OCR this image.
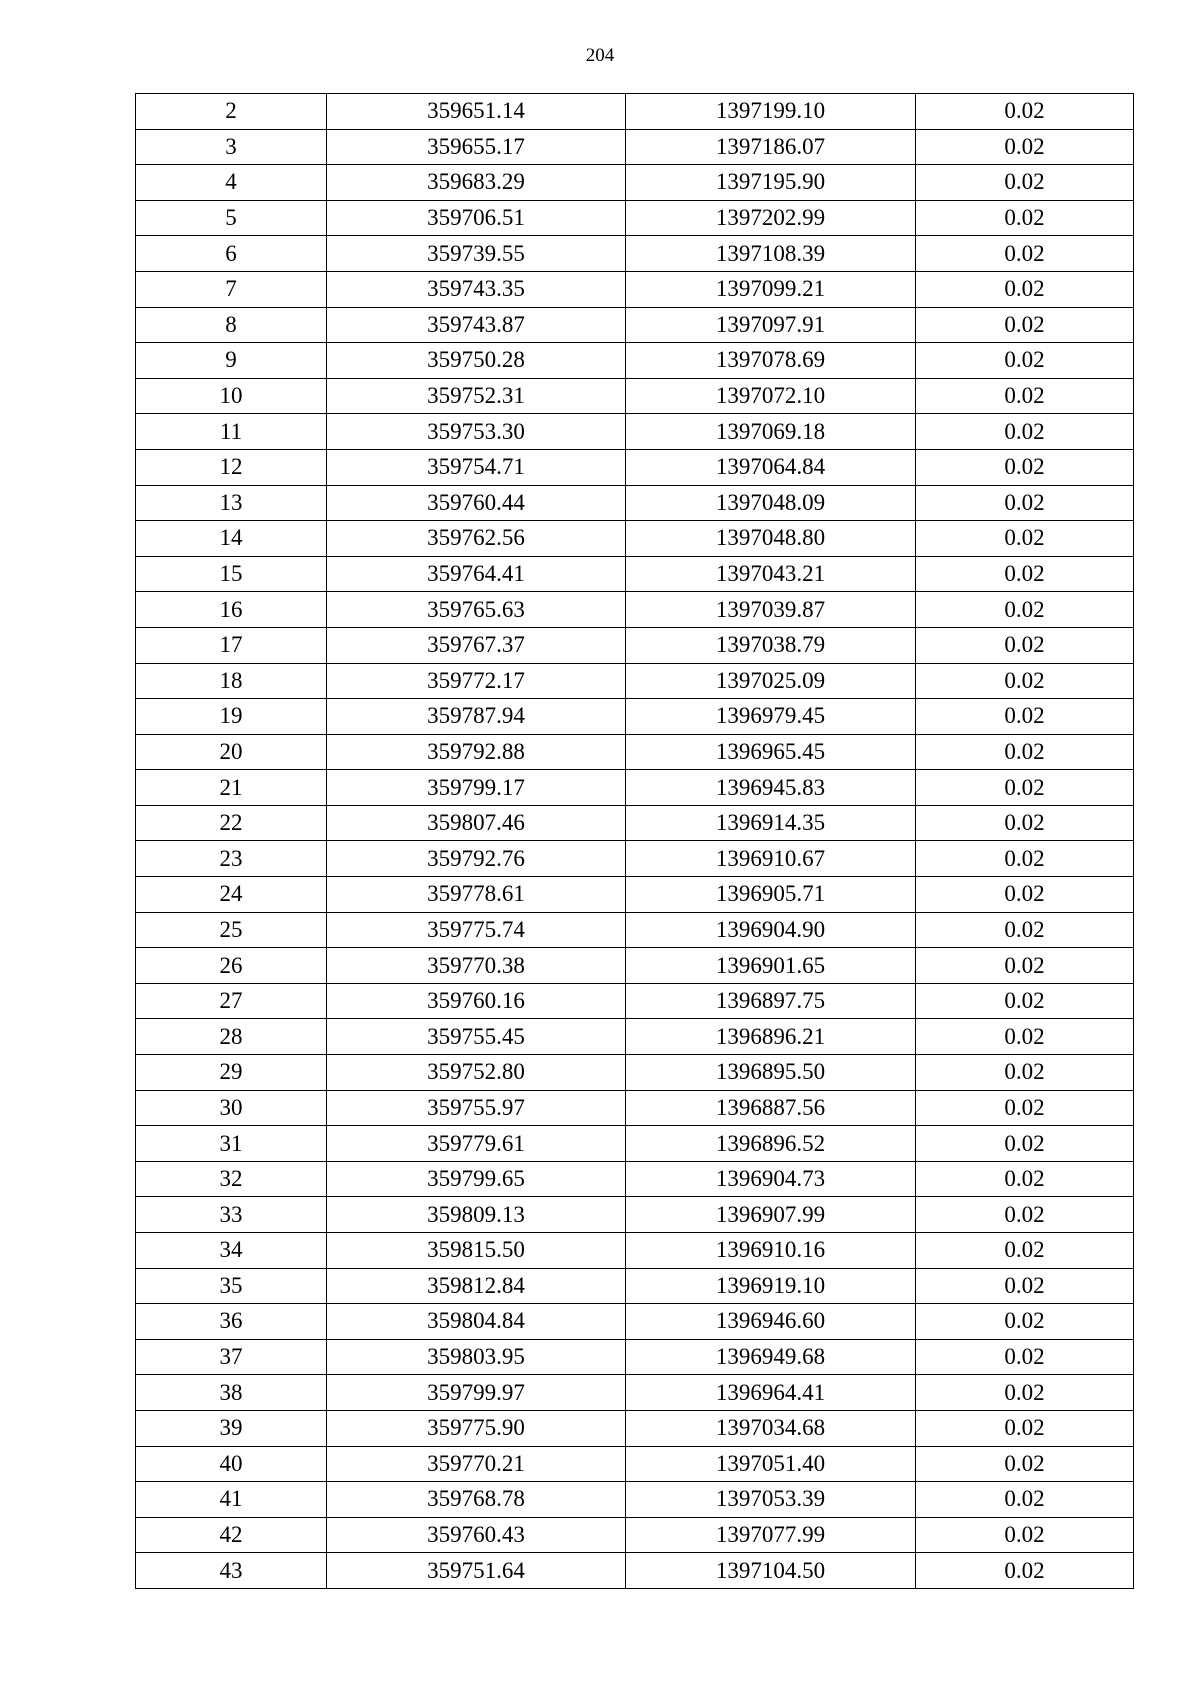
204
2	359651.14	1397199.10	0.02
3	359655.17	1397186.07	0.02
4	359683.29	1397195.90	0.02
5	359706.51	1397202.99	0.02
6	359739.55	1397108.39	0.02
7	359743.35	1397099.21	0.02
8	359743.87	1397097.91	0.02
9	359750.28	1397078.69	0.02
10	359752.31	1397072.10	0.02
11	359753.30	1397069.18	0.02
12	359754.71	1397064.84	0.02
13	359760.44	1397048.09	0.02
14	359762.56	1397048.80	0.02
15	359764.41	1397043.21	0.02
16	359765.63	1397039.87	0.02
17	359767.37	1397038.79	0.02
18	359772.17	1397025.09	0.02
19	359787.94	1396979.45	0.02
20	359792.88	1396965.45	0.02
21	359799.17	1396945.83	0.02
22	359807.46	1396914.35	0.02
23	359792.76	1396910.67	0.02
24	359778.61	1396905.71	0.02
25	359775.74	1396904.90	0.02
26	359770.38	1396901.65	0.02
27	359760.16	1396897.75	0.02
28	359755.45	1396896.21	0.02
29	359752.80	1396895.50	0.02
30	359755.97	1396887.56	0.02
31	359779.61	1396896.52	0.02
32	359799.65	1396904.73	0.02
33	359809.13	1396907.99	0.02
34	359815.50	1396910.16	0.02
35	359812.84	1396919.10	0.02
36	359804.84	1396946.60	0.02
37	359803.95	1396949.68	0.02
38	359799.97	1396964.41	0.02
39	359775.90	1397034.68	0.02
40	359770.21	1397051.40	0.02
41	359768.78	1397053.39	0.02
42	359760.43	1397077.99	0.02
43	359751.64	1397104.50	0.02
